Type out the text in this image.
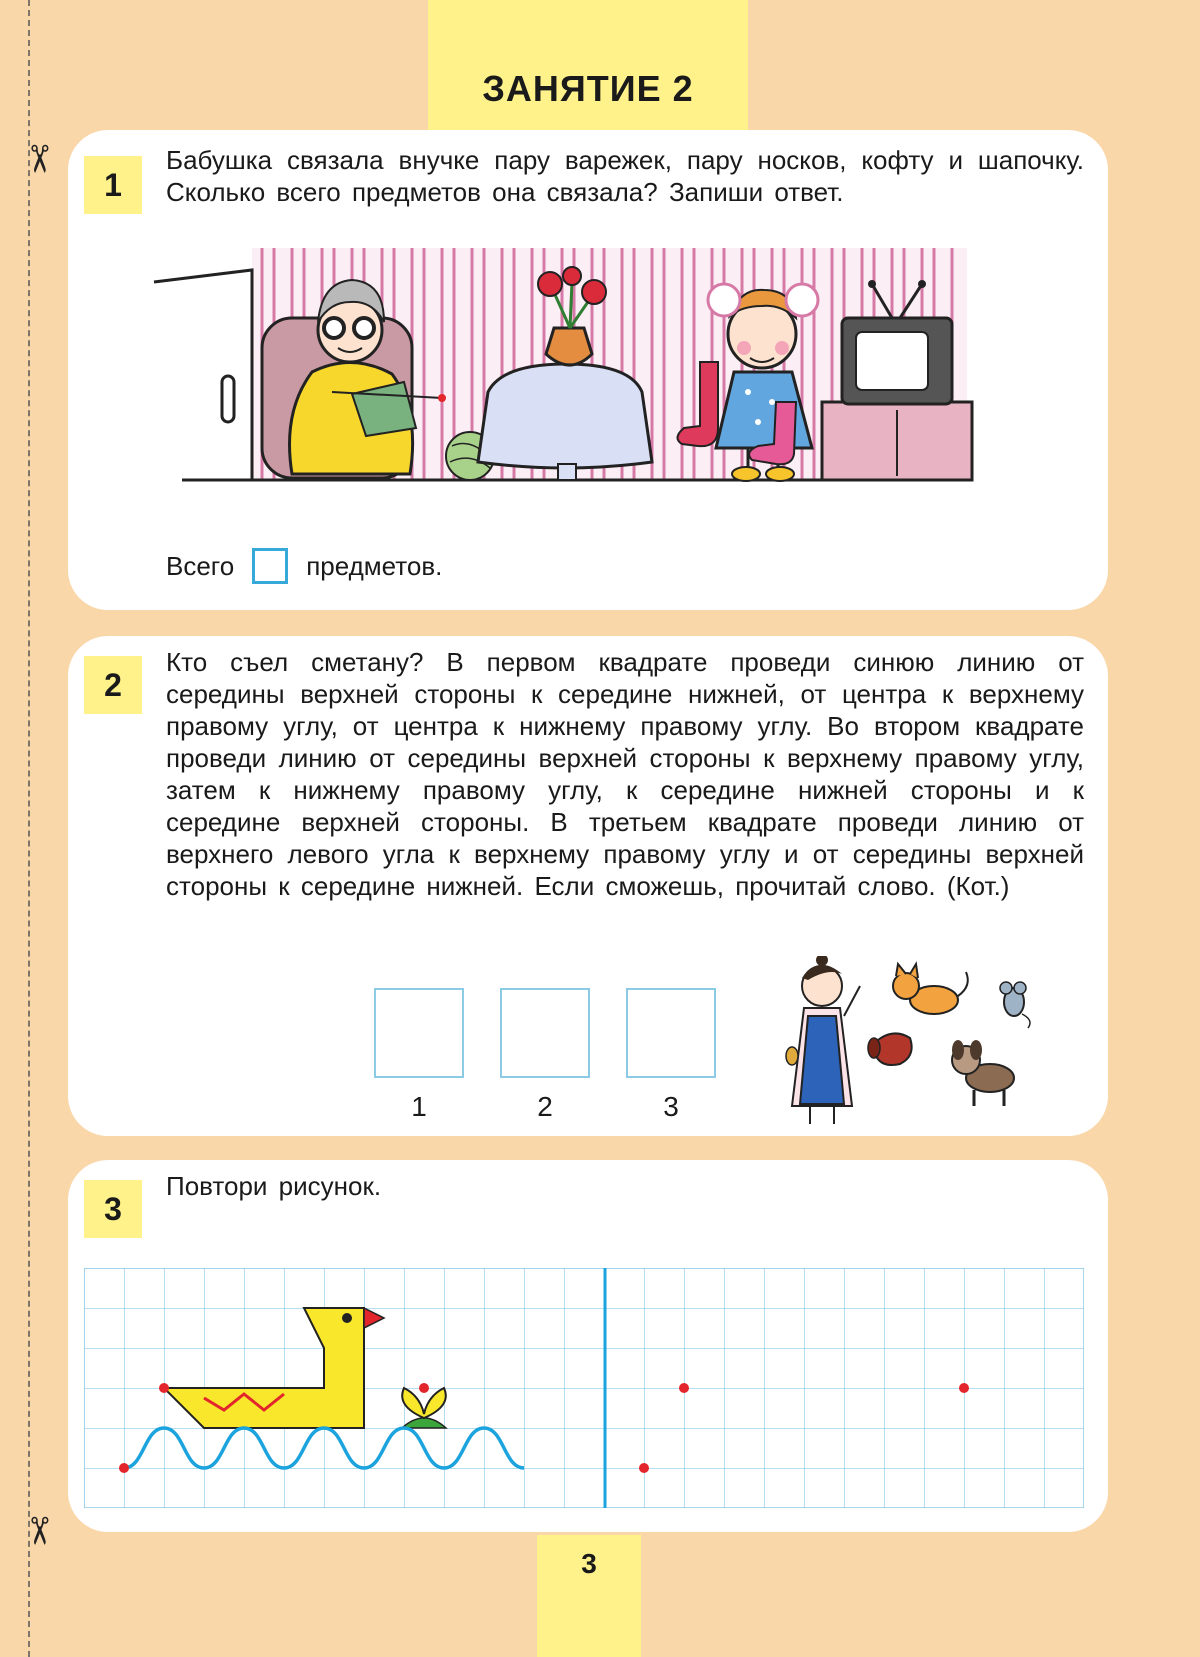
✂
✂
ЗАНЯТИЕ 2
1

Бабушка связала внучке пару варежек, пару носков, кофту и шапочку. Сколько всего предметов она связала? Запиши ответ.

Всего	предметов.
2

Кто съел сметану? В первом квадрате проведи синюю линию от середины верхней стороны к середине нижней, от центра к верхнему правому углу, от центра к нижнему правому углу. Во втором квадрате проведи линию от середины верхней стороны к верхнему правому углу, затем к нижнему правому углу, к середине нижней стороны и к середине верхней стороны. В третьем квадрате проведи линию от верхнего левого угла к верхнему правому углу и от середины верхней стороны к середине нижней. Если сможешь, прочитай слово. (Кот.)

1	2	3
3

Повтори рисунок.

3
